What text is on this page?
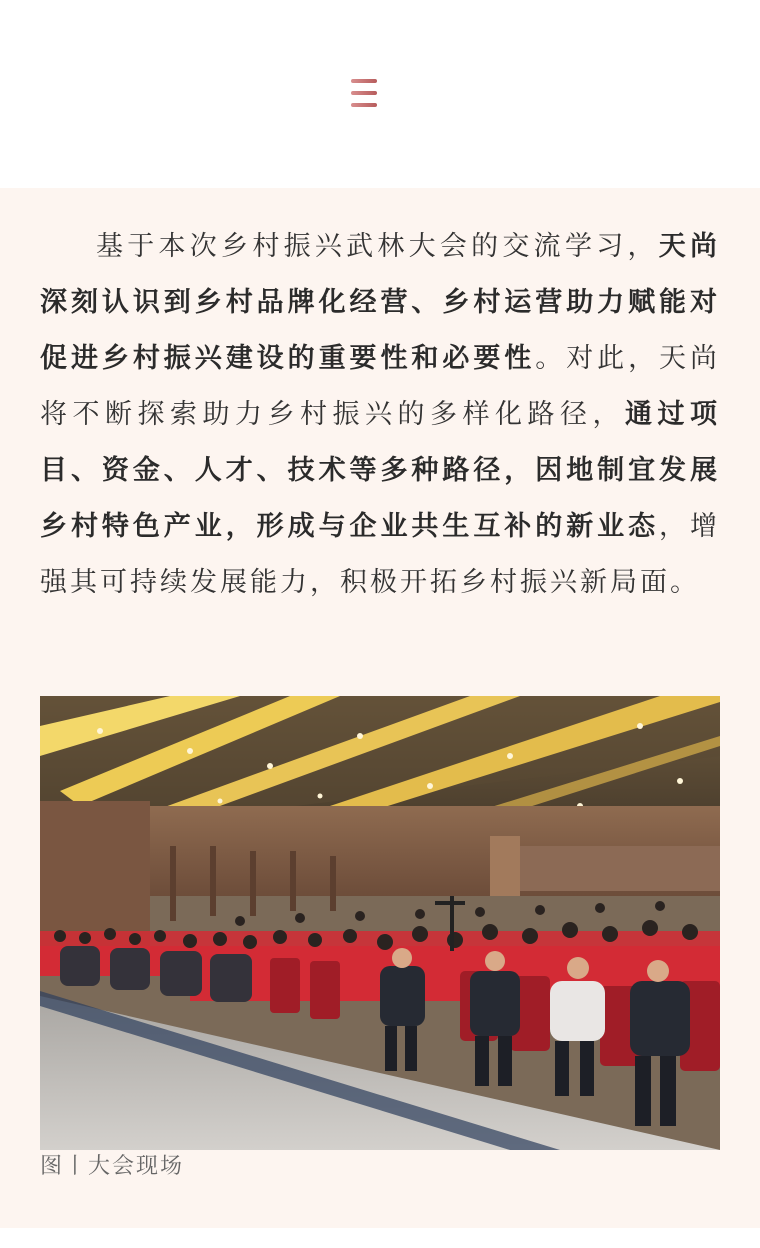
基于本次乡村振兴武林大会的交流学习，天尚深刻认识到乡村品牌化经营、乡村运营助力赋能对促进乡村振兴建设的重要性和必要性。对此，天尚将不断探索助力乡村振兴的多样化路径，通过项目、资金、人才、技术等多种路径，因地制宜发展乡村特色产业，形成与企业共生互补的新业态，增强其可持续发展能力，积极开拓乡村振兴新局面。

图丨大会现场
